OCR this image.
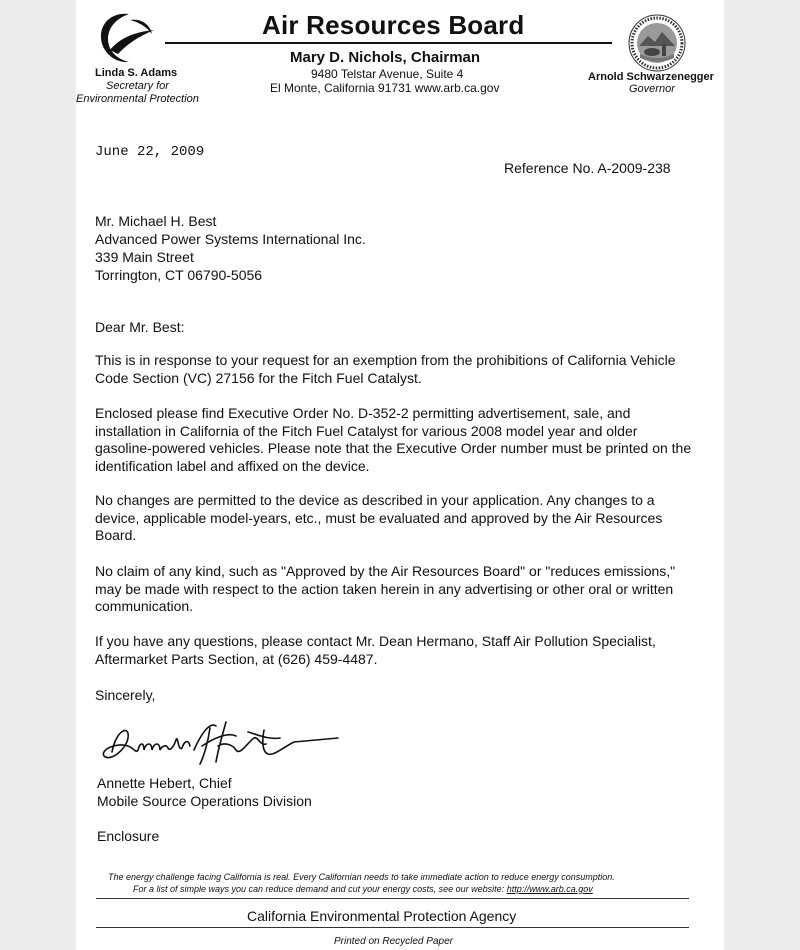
Air Resources Board
Mary D. Nichols, Chairman
9480 Telstar Avenue, Suite 4
El Monte, California 91731 www.arb.ca.gov
Linda S. Adams
Secretary for
Environmental Protection
Arnold Schwarzenegger
Governor
June 22, 2009
Reference No. A-2009-238
Mr. Michael H. Best
Advanced Power Systems International Inc.
339 Main Street
Torrington, CT 06790-5056
Dear Mr. Best:
This is in response to your request for an exemption from the prohibitions of California Vehicle Code Section (VC) 27156 for the Fitch Fuel Catalyst.
Enclosed please find Executive Order No. D-352-2 permitting advertisement, sale, and installation in California of the Fitch Fuel Catalyst for various 2008 model year and older gasoline-powered vehicles. Please note that the Executive Order number must be printed on the identification label and affixed on the device.
No changes are permitted to the device as described in your application. Any changes to a device, applicable model-years, etc., must be evaluated and approved by the Air Resources Board.
No claim of any kind, such as "Approved by the Air Resources Board" or "reduces emissions," may be made with respect to the action taken herein in any advertising or other oral or written communication.
If you have any questions, please contact Mr. Dean Hermano, Staff Air Pollution Specialist, Aftermarket Parts Section, at (626) 459-4487.
Sincerely,
Annette Hebert, Chief
Mobile Source Operations Division
Enclosure
The energy challenge facing California is real. Every Californian needs to take immediate action to reduce energy consumption.
For a list of simple ways you can reduce demand and cut your energy costs, see our website: http://www.arb.ca.gov
California Environmental Protection Agency
Printed on Recycled Paper
